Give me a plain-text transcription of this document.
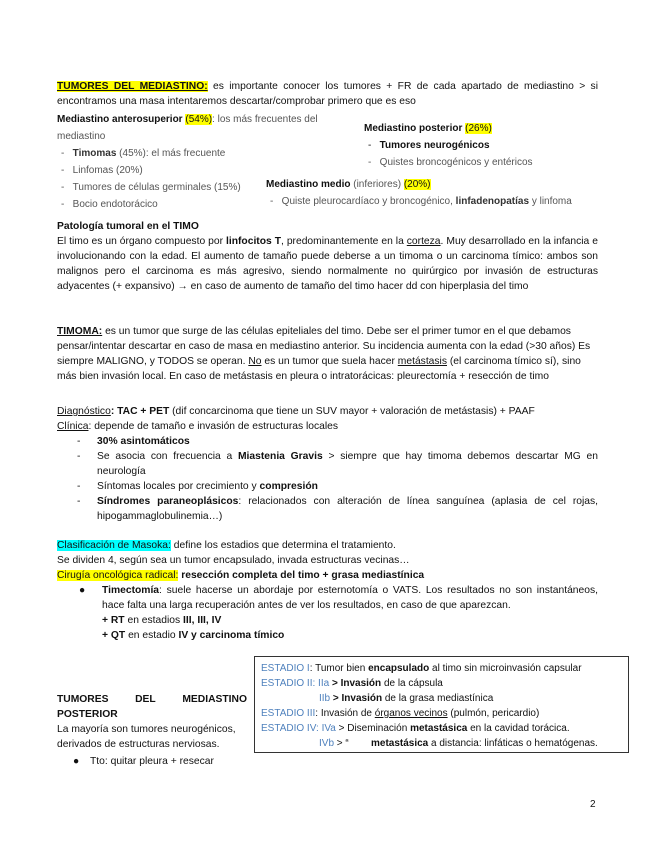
TUMORES DEL MEDIASTINO: es importante conocer los tumores + FR de cada apartado de mediastino > si encontramos una masa intentaremos descartar/comprobar primero que es eso
Mediastino anterosuperior (54%): los más frecuentes del mediastino
-   Timomas (45%): el más frecuente
-   Linfomas (20%)
-   Tumores de células germinales (15%)
-   Bocio endotorácico
Mediastino posterior (26%)
-   Tumores neurogénicos
-   Quistes broncogénicos y entéricos
Mediastino medio (inferiores) (20%)
-   Quiste pleurocardíaco y broncogénico, linfadenopatías y linfoma
Patología tumoral en el TIMO
El timo es un órgano compuesto por linfocitos T, predominantemente en la corteza. Muy desarrollado en la infancia e involucionando con la edad. El aumento de tamaño puede deberse a un timoma o un carcinoma tímico: ambos son malignos pero el carcinoma es más agresivo, siendo normalmente no quirúrgico por invasión de estructuras adyacentes (+ expansivo) → en caso de aumento de tamaño del timo hacer dd con hiperplasia del timo
TIMOMA: es un tumor que surge de las células epiteliales del timo. Debe ser el primer tumor en el que debamos pensar/intentar descartar en caso de masa en mediastino anterior. Su incidencia aumenta con la edad (>30 años) Es siempre MALIGNO, y TODOS se operan. No es un tumor que suela hacer metástasis (el carcinoma tímico sí), sino más bien invasión local. En caso de metástasis en pleura o intratorácicas: pleurectomía + resección de timo
Diagnóstico: TAC + PET (dif concarcinoma que tiene un SUV mayor + valoración de metástasis) + PAAF
Clínica: depende de tamaño e invasión de estructuras locales
- 30% asintomáticos
- Se asocia con frecuencia a Miastenia Gravis > siempre que hay timoma debemos descartar MG en neurología
- Síntomas locales por crecimiento y compresión
- Síndromes paraneoplásicos: relacionados con alteración de línea sanguínea (aplasia de cel rojas, hipogammaglobulinemia…)
Clasificación de Masoka: define los estadios que determina el tratamiento.
Se dividen 4, según sea un tumor encapsulado, invada estructuras vecinas…
Cirugía oncológica radical: resección completa del timo + grasa mediastínica
● Timectomía: suele hacerse un abordaje por esternotomía o VATS. Los resultados no son instantáneos, hace falta una larga recuperación antes de ver los resultados, en caso de que aparezcan.
+ RT en estadios III, III, IV
+ QT en estadio IV y carcinoma tímico
ESTADIO I: Tumor bien encapsulado al timo sin microinvasión capsular
ESTADIO II: IIa > Invasión de la cápsula
IIb > Invasión de la grasa mediastínica
ESTADIO III: Invasión de órganos vecinos (pulmón, pericardio)
ESTADIO IV: IVa > Diseminación metastásica en la cavidad torácica.
IVb > “ metastásica a distancia: linfáticas o hematógenas.
TUMORES	DEL	MEDIASTINO
POSTERIOR
La mayoría son tumores neurogénicos, derivados de estructuras nerviosas.
● Tto: quitar pleura + resecar
2
